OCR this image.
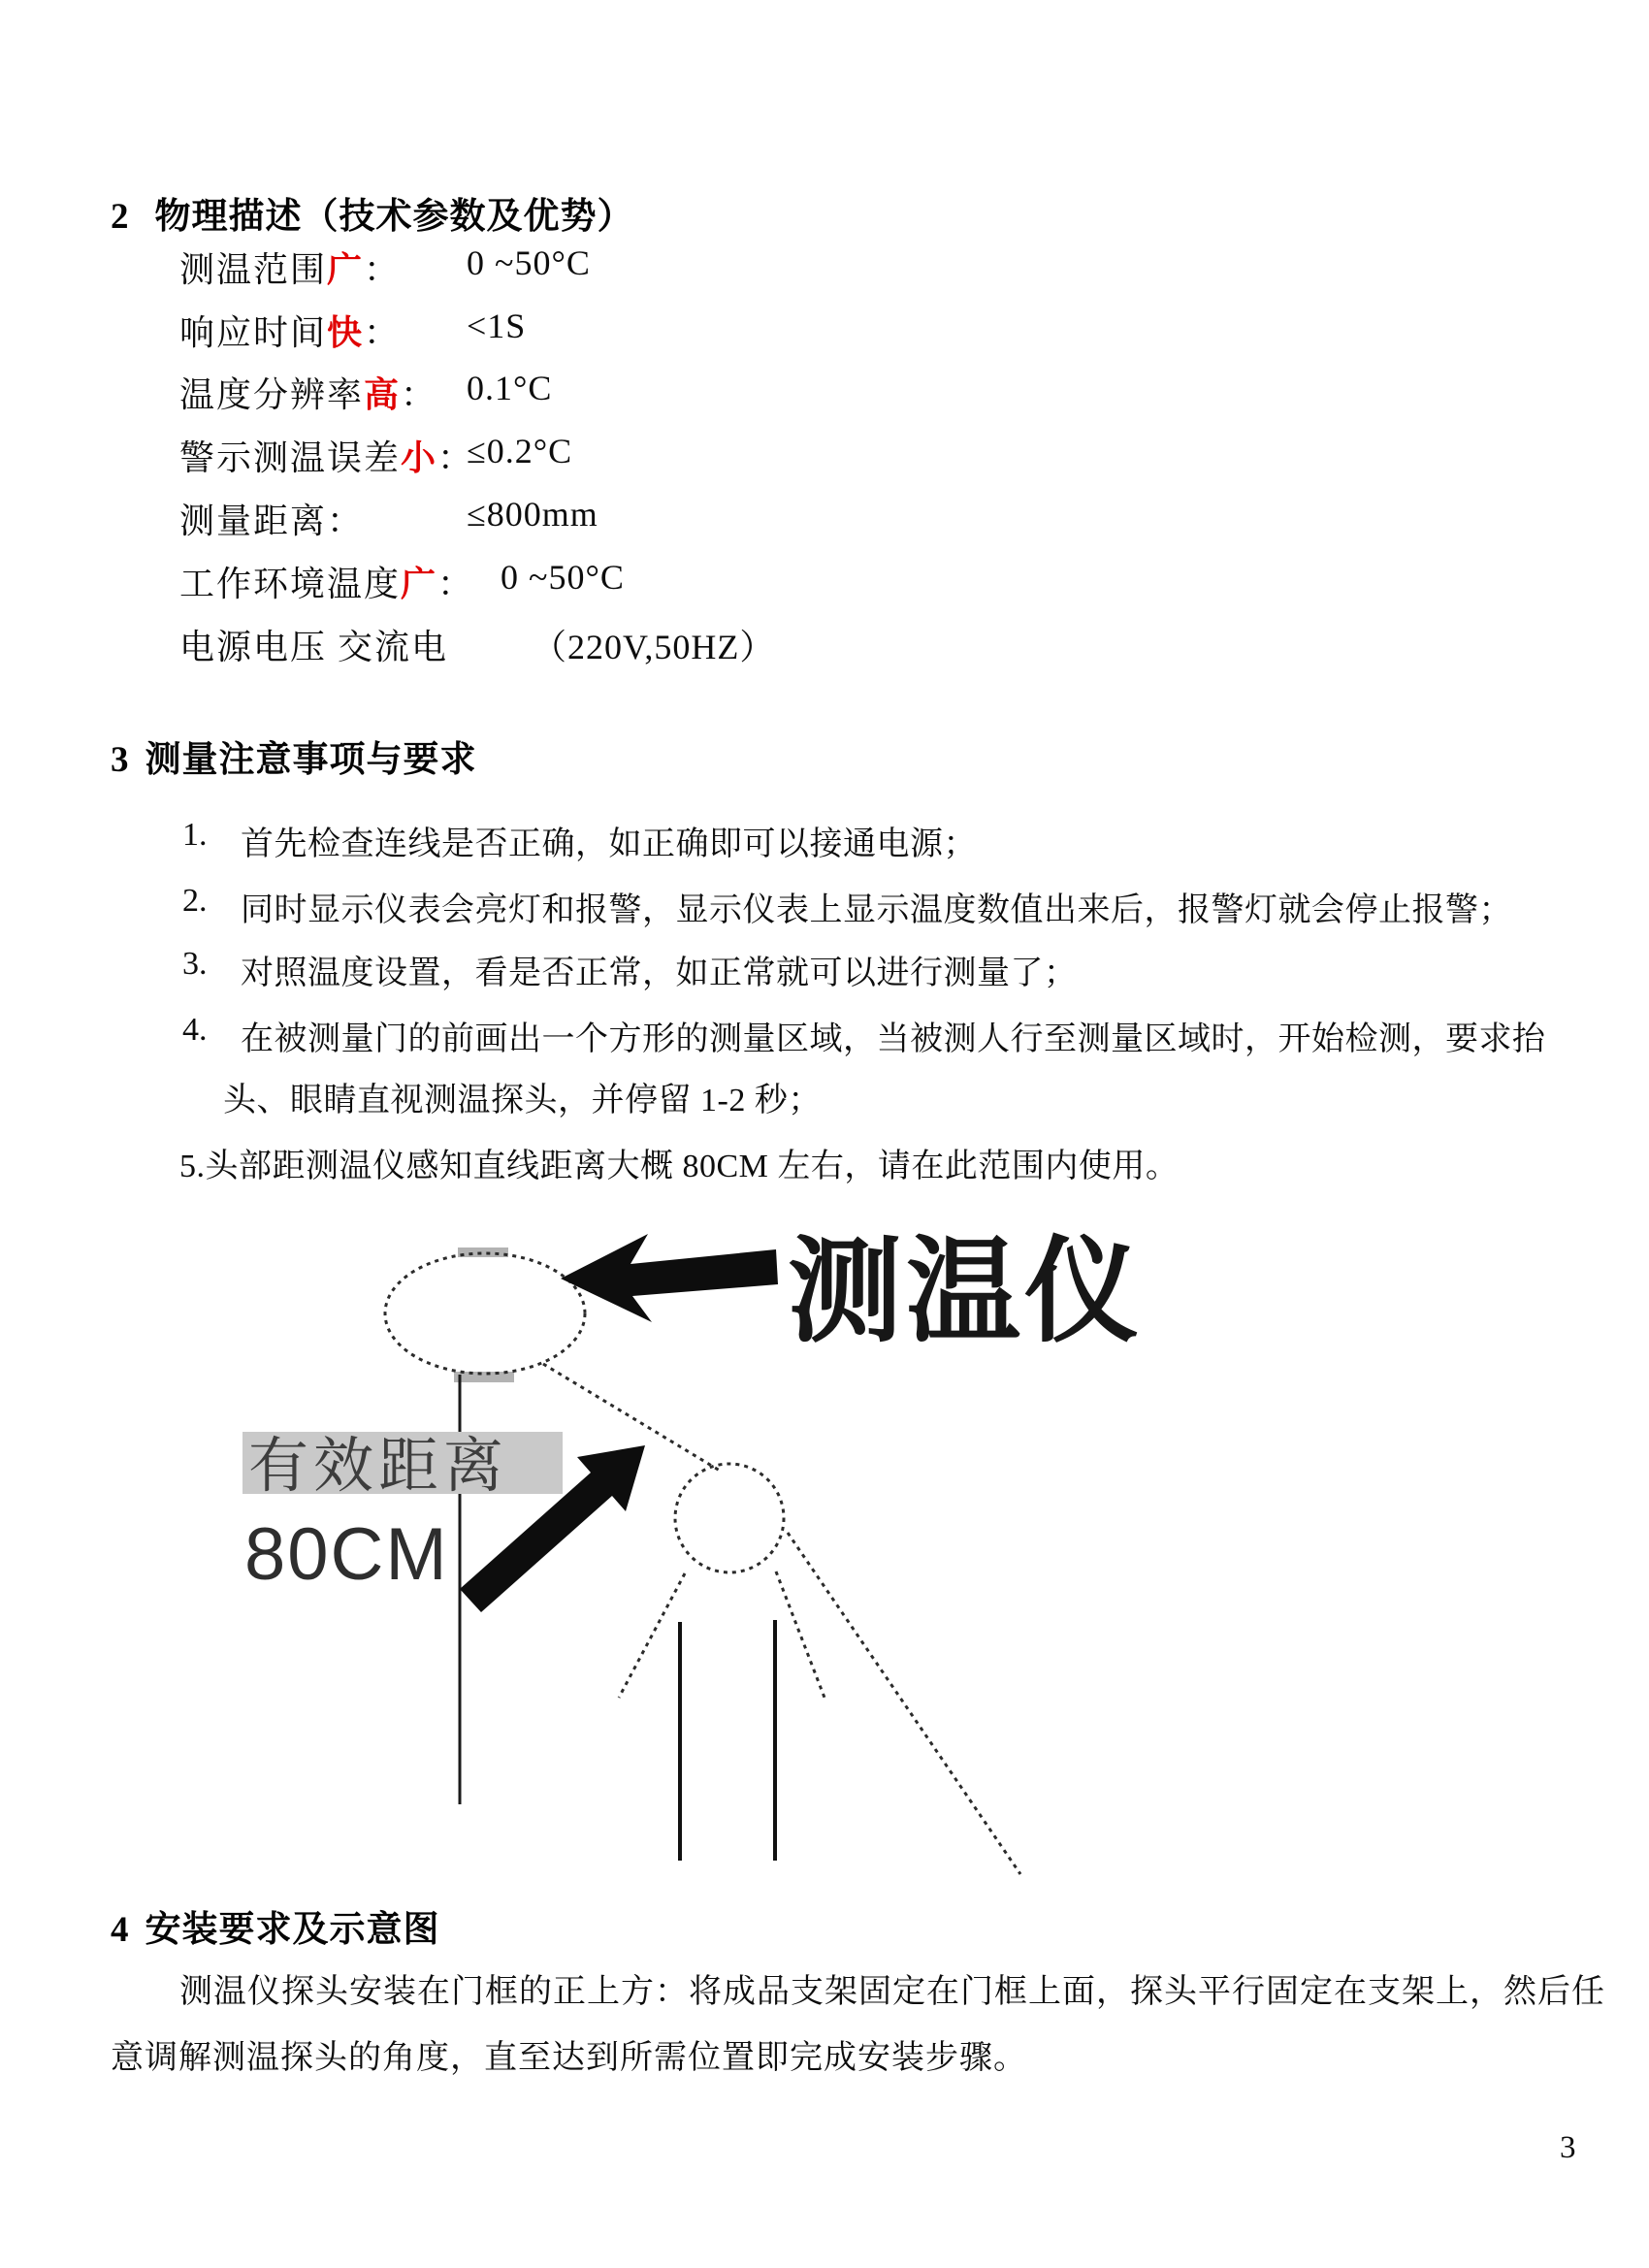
2 物理描述（技术参数及优势）
测温范围广： 0 ~50°C
响应时间快： <1S
温度分辨率高： 0.1°C
警示测温误差小：
≤0.2°C
测量距离：	≤800mm
工作环境温度广： 0 ~50°C
电源电压 交流电 （220V,50HZ）
3 测量注意事项与要求
1. 首先检查连线是否正确，如正确即可以接通电源；
2. 同时显示仪表会亮灯和报警，显示仪表上显示温度数值出来后，报警灯就会停止报警；
3. 对照温度设置，看是否正常，如正常就可以进行测量了；
4. 在被测量门的前画出一个方形的测量区域，当被测人行至测量区域时，开始检测，要求抬
头、眼睛直视测温探头，并停留 1-2 秒；
5.头部距测温仪感知直线距离大概 80CM 左右，请在此范围内使用。
测温仪
有效距离
80CM
4 安装要求及示意图
测温仪探头安装在门框的正上方：将成品支架固定在门框上面，探头平行固定在支架上，然后任
意调解测温探头的角度，直至达到所需位置即完成安装步骤。
3
